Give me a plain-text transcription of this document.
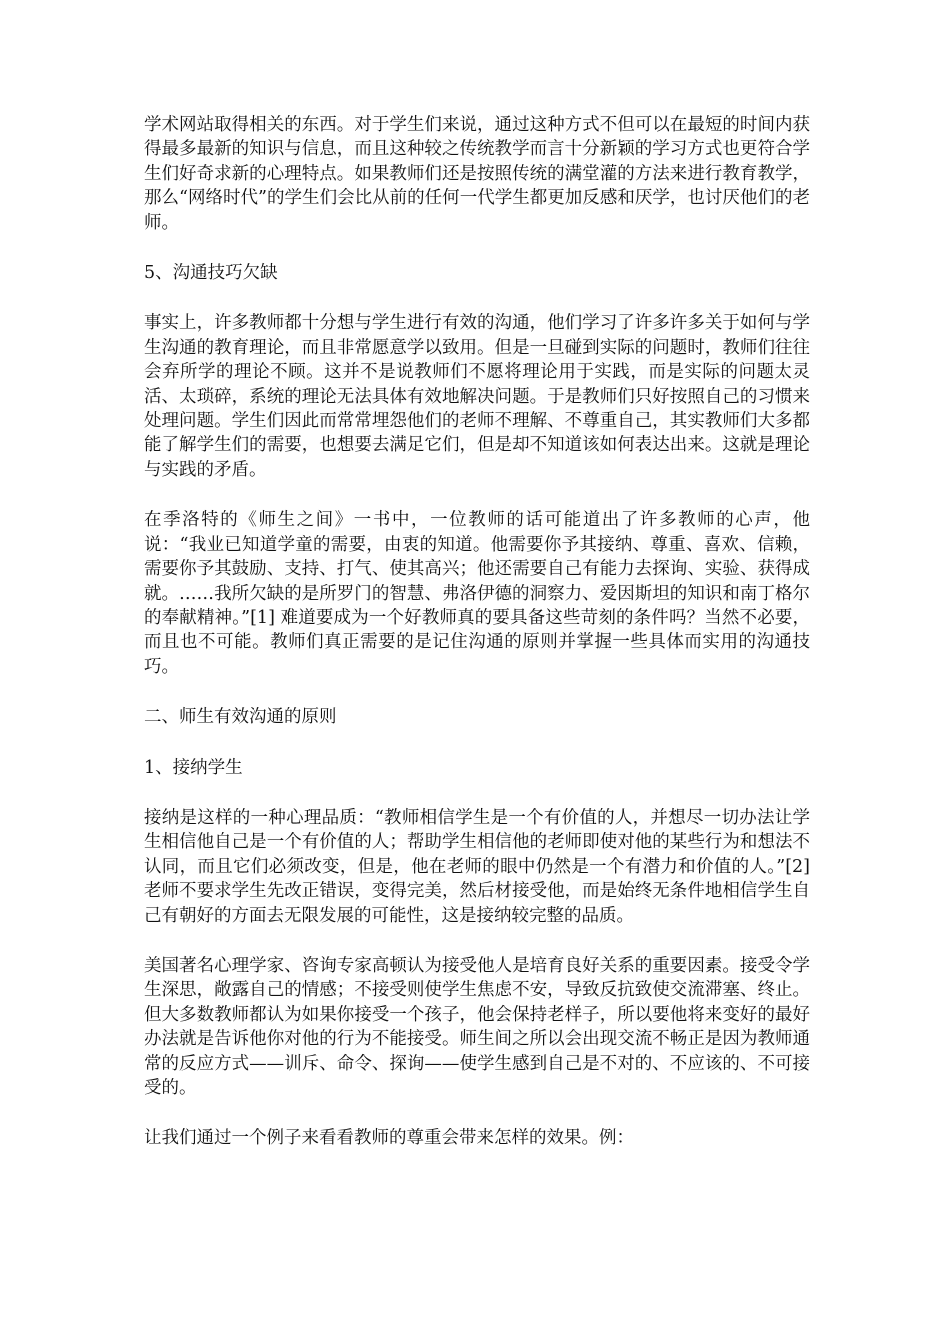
学术网站取得相关的东西。对于学生们来说，通过这种方式不但可以在最短的时间内获得最多最新的知识与信息，而且这种较之传统教学而言十分新颖的学习方式也更符合学生们好奇求新的心理特点。如果教师们还是按照传统的满堂灌的方法来进行教育教学，那么“网络时代”的学生们会比从前的任何一代学生都更加反感和厌学，也讨厌他们的老师。

5、沟通技巧欠缺

事实上，许多教师都十分想与学生进行有效的沟通，他们学习了许多许多关于如何与学生沟通的教育理论，而且非常愿意学以致用。但是一旦碰到实际的问题时，教师们往往会弃所学的理论不顾。这并不是说教师们不愿将理论用于实践，而是实际的问题太灵活、太琐碎，系统的理论无法具体有效地解决问题。于是教师们只好按照自己的习惯来处理问题。学生们因此而常常埋怨他们的老师不理解、不尊重自己，其实教师们大多都能了解学生们的需要，也想要去满足它们，但是却不知道该如何表达出来。这就是理论与实践的矛盾。

在季洛特的《师生之间》一书中，一位教师的话可能道出了许多教师的心声，他说：“我业已知道学童的需要，由衷的知道。他需要你予其接纳、尊重、喜欢、信赖，需要你予其鼓励、支持、打气、使其高兴；他还需要自己有能力去探询、实验、获得成就。……我所欠缺的是所罗门的智慧、弗洛伊德的洞察力、爱因斯坦的知识和南丁格尔的奉献精神。”[1] 难道要成为一个好教师真的要具备这些苛刻的条件吗？当然不必要，而且也不可能。教师们真正需要的是记住沟通的原则并掌握一些具体而实用的沟通技巧。

二、师生有效沟通的原则

1、接纳学生

接纳是这样的一种心理品质：“教师相信学生是一个有价值的人，并想尽一切办法让学生相信他自己是一个有价值的人；帮助学生相信他的老师即使对他的某些行为和想法不认同，而且它们必须改变，但是，他在老师的眼中仍然是一个有潜力和价值的人。”[2] 老师不要求学生先改正错误，变得完美，然后材接受他，而是始终无条件地相信学生自己有朝好的方面去无限发展的可能性，这是接纳较完整的品质。

美国著名心理学家、咨询专家高顿认为接受他人是培育良好关系的重要因素。接受令学生深思，敞露自己的情感；不接受则使学生焦虑不安，导致反抗致使交流滞塞、终止。但大多数教师都认为如果你接受一个孩子，他会保持老样子，所以要他将来变好的最好办法就是告诉他你对他的行为不能接受。师生间之所以会出现交流不畅正是因为教师通常的反应方式——训斥、命令、探询——使学生感到自己是不对的、不应该的、不可接受的。

让我们通过一个例子来看看教师的尊重会带来怎样的效果。例：
